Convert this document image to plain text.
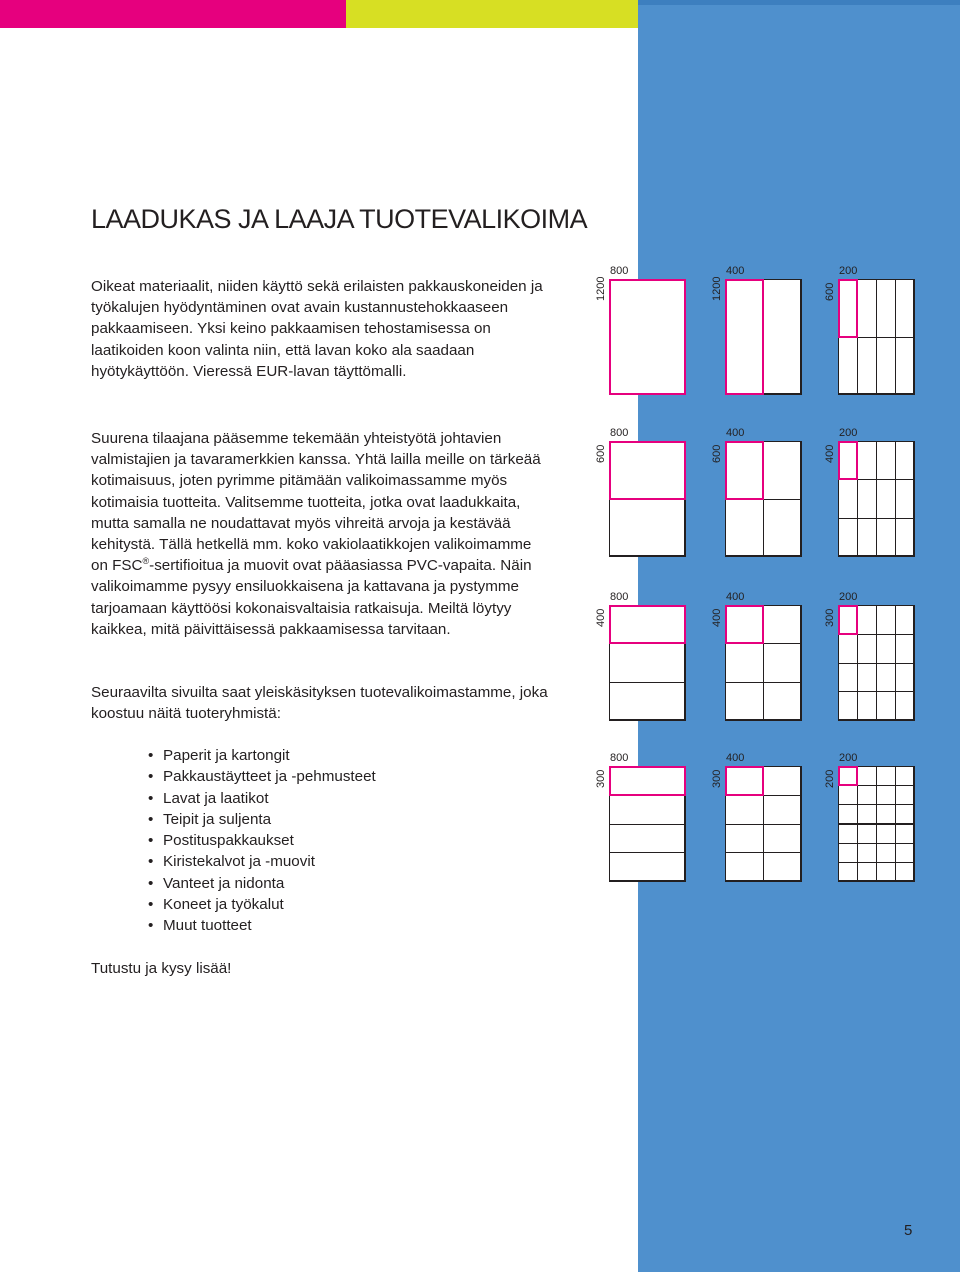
LAADUKAS JA LAAJA TUOTEVALIKOIMA

Oikeat materiaalit, niiden käyttö sekä erilaisten pakkauskoneiden ja työkalujen hyödyntäminen ovat avain kustannustehokkaaseen pakkaamiseen. Yksi keino pakkaamisen tehostamisessa on laatikoiden koon valinta niin, että lavan koko ala saadaan hyötykäyttöön. Vieressä EUR-lavan täyttömalli.

Suurena tilaajana pääsemme tekemään yhteistyötä johtavien valmistajien ja tavaramerkkien kanssa. Yhtä lailla meille on tärkeää kotimaisuus, joten pyrimme pitämään valikoimassamme myös kotimaisia tuotteita. Valitsemme tuotteita, jotka ovat laadukkaita, mutta samalla ne noudattavat myös vihreitä arvoja ja kestävää kehitystä. Tällä hetkellä mm. koko vakiolaatikkojen valikoimamme on FSC®-sertifioitua ja muovit ovat pääasiassa PVC-vapaita. Näin valikoimamme pysyy ensiluokkaisena ja kattavana ja pystymme tarjoamaan käyttöösi kokonaisvaltaisia ratkaisuja. Meiltä löytyy kaikkea, mitä päivittäisessä pakkaamisessa tarvitaan.

Seuraavilta sivuilta saat yleiskäsityksen tuotevalikoimastamme, joka koostuu näitä tuoteryhmistä:

• Paperit ja kartongit
• Pakkaustäytteet ja -pehmusteet
• Lavat ja laatikot
• Teipit ja suljenta
• Postituspakkaukset
• Kiristekalvot ja -muovit
• Vanteet ja nidonta
• Koneet ja työkalut
• Muut tuotteet

Tutustu ja kysy lisää!

5
800
1200
400
1200
200
600
800
600
400
600
200
400
800
400
400
400
200
300
800
300
400
300
200
200
